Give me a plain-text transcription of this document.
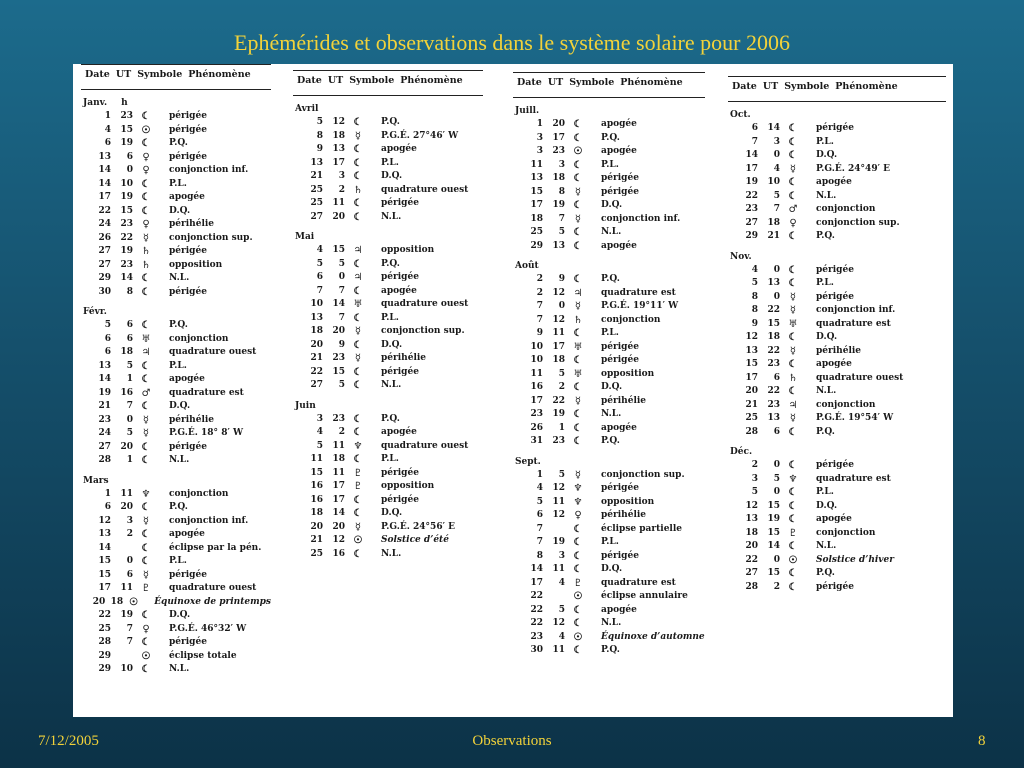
Ephémérides et observations dans le système solaire pour 2006
Date UT Symbole Phénomène
Janv. h
1	23 ☾	périgée
4	15 ☉	périgée
6	19 ☾	P.Q.
13	6 ♀	périgée
14	0 ♀	conjonction inf.
14	10 ☾	P.L.
17	19 ☾	apogée
22	15 ☾	D.Q.
24	23 ♀	périhélie
26	22 ☿	conjonction sup.
27	19 ♄	périgée
27	23 ♄	opposition
29	14 ☾	N.L.
30	8 ☾	périgée
Févr.
5	6 ☾	P.Q.
6	6 ♅	conjonction
6	18 ♃	quadrature ouest
13	5 ☾	P.L.
14	1 ☾	apogée
19	16 ♂	quadrature est
21	7 ☾	D.Q.
23	0 ☿	périhélie
24	5 ☿	P.G.É. 18° 8′ W
27	20 ☾	périgée
28	1 ☾	N.L.
Mars
1	11 ♆	conjonction
6	20 ☾	P.Q.
12	3 ☿	conjonction inf.
13	2 ☾	apogée
14	☾	éclipse par la pén.
15	0 ☾	P.L.
15	6 ☿	périgée
17	11 ♇	quadrature ouest
20 18 ☉	Équinoxe de printemps
22	19 ☾	D.Q.
25	7 ♀	P.G.É. 46°32′ W
28	7 ☾	périgée
29	☉	éclipse totale
29	10 ☾	N.L.
Date UT Symbole Phénomène
Avril
5	12 ☾	P.Q.
8	18 ☿	P.G.É. 27°46′ W
9	13 ☾	apogée
13	17 ☾	P.L.
21	3 ☾	D.Q.
25	2 ♄	quadrature ouest
25	11 ☾	périgée
27	20 ☾	N.L.
Mai
4	15 ♃	opposition
5	5 ☾	P.Q.
6	0 ♃	périgée
7	7 ☾	apogée
10	14 ♅	quadrature ouest
13	7 ☾	P.L.
18	20 ☿	conjonction sup.
20	9 ☾	D.Q.
21	23 ☿	périhélie
22	15 ☾	périgée
27	5 ☾	N.L.
Juin
3	23 ☾	P.Q.
4	2 ☾	apogée
5	11 ♆	quadrature ouest
11	18 ☾	P.L.
15	11 ♇	périgée
16	17 ♇	opposition
16	17 ☾	périgée
18	14 ☾	D.Q.
20	20 ☿	P.G.É. 24°56′ E
21	12 ☉	Solstice d’été
25	16 ☾	N.L.
Date UT Symbole Phénomène
Juill.
1	20 ☾	apogée
3	17 ☾	P.Q.
3	23 ☉	apogée
11	3 ☾	P.L.
13	18 ☾	périgée
15	8 ☿	périgée
17	19 ☾	D.Q.
18	7 ☿	conjonction inf.
25	5 ☾	N.L.
29	13 ☾	apogée
Août
2	9 ☾	P.Q.
2	12 ♃	quadrature est
7	0 ☿	P.G.É. 19°11′ W
7	12 ♄	conjonction
9	11 ☾	P.L.
10	17 ♅	périgée
10	18 ☾	périgée
11	5 ♅	opposition
16	2 ☾	D.Q.
17	22 ☿	périhélie
23	19 ☾	N.L.
26	1 ☾	apogée
31	23 ☾	P.Q.
Sept.
1	5 ☿	conjonction sup.
4	12 ♆	périgée
5	11 ♆	opposition
6	12 ♀	périhélie
7	☾	éclipse partielle
7	19 ☾	P.L.
8	3 ☾	périgée
14	11 ☾	D.Q.
17	4 ♇	quadrature est
22	☉	éclipse annulaire
22	5 ☾	apogée
22	12 ☾	N.L.
23	4 ☉	Équinoxe d’automne
30	11 ☾	P.Q.
Date UT Symbole Phénomène
Oct.
6	14 ☾	périgée
7	3 ☾	P.L.
14	0 ☾	D.Q.
17	4 ☿	P.G.É. 24°49′ E
19	10 ☾	apogée
22	5 ☾	N.L.
23	7 ♂	conjonction
27	18 ♀	conjonction sup.
29	21 ☾	P.Q.
Nov.
4	0 ☾	périgée
5	13 ☾	P.L.
8	0 ☿	périgée
8	22 ☿	conjonction inf.
9	15 ♅	quadrature est
12	18 ☾	D.Q.
13	22 ☿	périhélie
15	23 ☾	apogée
17	6 ♄	quadrature ouest
20	22 ☾	N.L.
21	23 ♃	conjonction
25	13 ☿	P.G.É. 19°54′ W
28	6 ☾	P.Q.
Déc.
2	0 ☾	périgée
3	5 ♆	quadrature est
5	0 ☾	P.L.
12	15 ☾	D.Q.
13	19 ☾	apogée
18	15 ♇	conjonction
20	14 ☾	N.L.
22	0 ☉	Solstice d’hiver
27	15 ☾	P.Q.
28	2 ☾	périgée
7/12/2005	Observations	8
